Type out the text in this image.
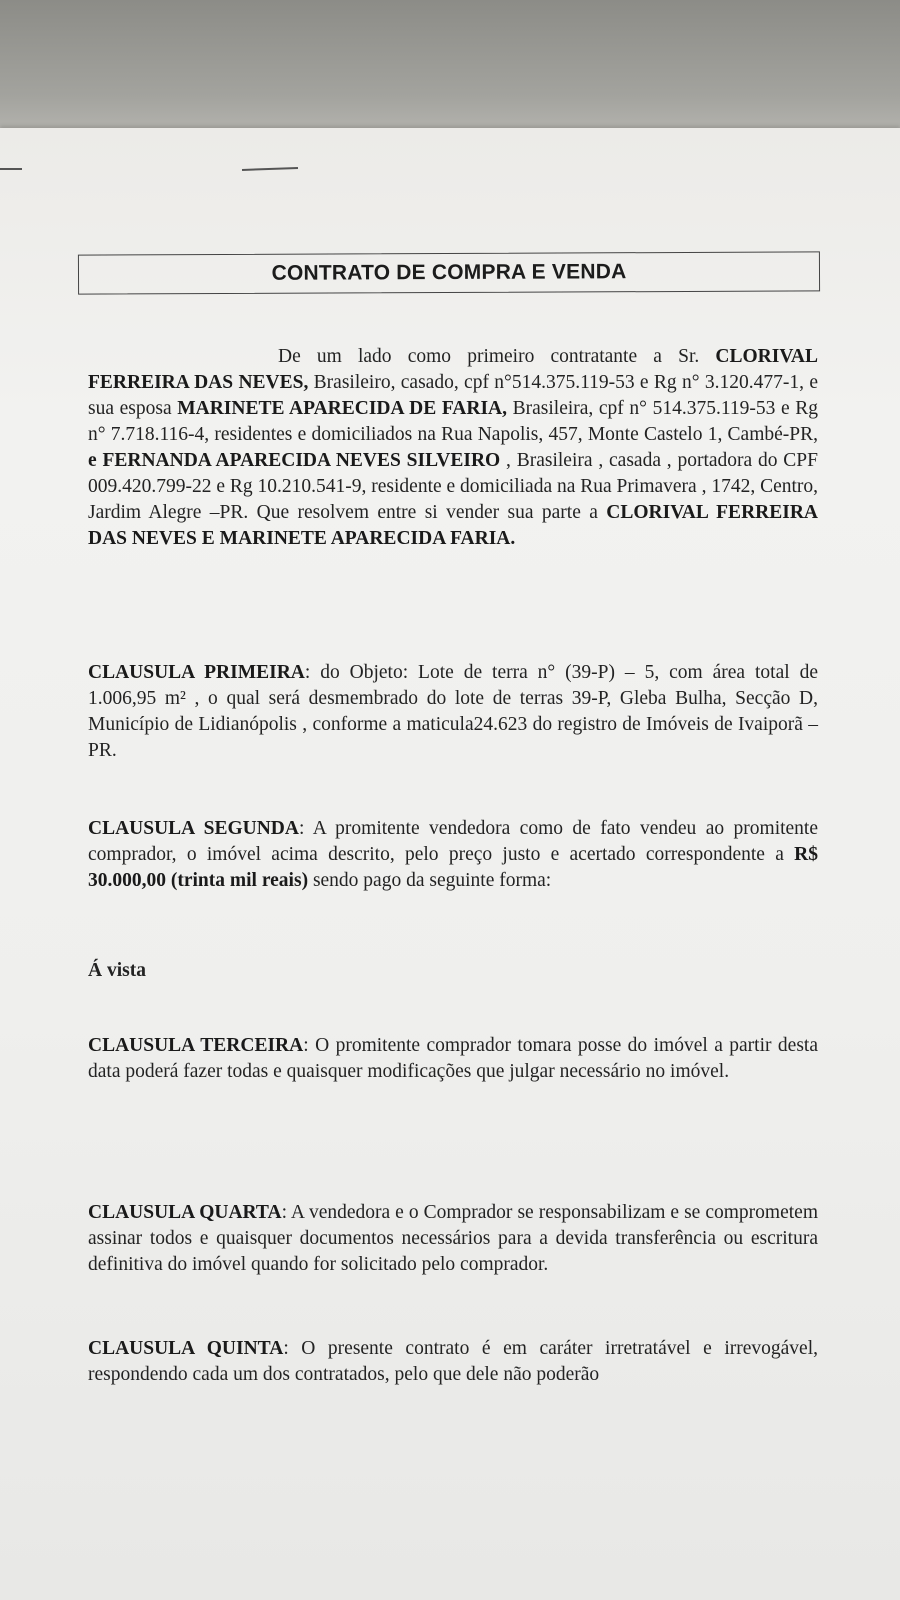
CONTRATO DE COMPRA E VENDA
De um lado como primeiro contratante a Sr. CLORIVAL FERREIRA DAS NEVES, Brasileiro, casado, cpf n°514.375.119-53 e Rg n° 3.120.477-1, e sua esposa MARINETE APARECIDA DE FARIA, Brasileira, cpf n° 514.375.119-53 e Rg n° 7.718.116-4, residentes e domiciliados na Rua Napolis, 457, Monte Castelo 1, Cambé-PR, e FERNANDA APARECIDA NEVES SILVEIRO , Brasileira , casada , portadora do CPF 009.420.799-22 e Rg 10.210.541-9, residente e domiciliada na Rua Primavera , 1742, Centro, Jardim Alegre –PR. Que resolvem entre si vender sua parte a CLORIVAL FERREIRA DAS NEVES E MARINETE APARECIDA FARIA.
CLAUSULA PRIMEIRA: do Objeto: Lote de terra n° (39-P) – 5, com área total de 1.006,95 m² , o qual será desmembrado do lote de terras 39-P, Gleba Bulha, Secção D, Município de Lidianópolis , conforme a maticula24.623 do registro de Imóveis de Ivaiporã –PR.
CLAUSULA SEGUNDA: A promitente vendedora como de fato vendeu ao promitente comprador, o imóvel acima descrito, pelo preço justo e acertado correspondente a R$ 30.000,00 (trinta mil reais) sendo pago da seguinte forma:
Á vista
CLAUSULA TERCEIRA: O promitente comprador tomara posse do imóvel a partir desta data poderá fazer todas e quaisquer modificações que julgar necessário no imóvel.
CLAUSULA QUARTA: A vendedora e o Comprador se responsabilizam e se comprometem assinar todos e quaisquer documentos necessários para a devida transferência ou escritura definitiva do imóvel quando for solicitado pelo comprador.
CLAUSULA QUINTA: O presente contrato é em caráter irretratável e irrevogável, respondendo cada um dos contratados, pelo que dele não poderão
